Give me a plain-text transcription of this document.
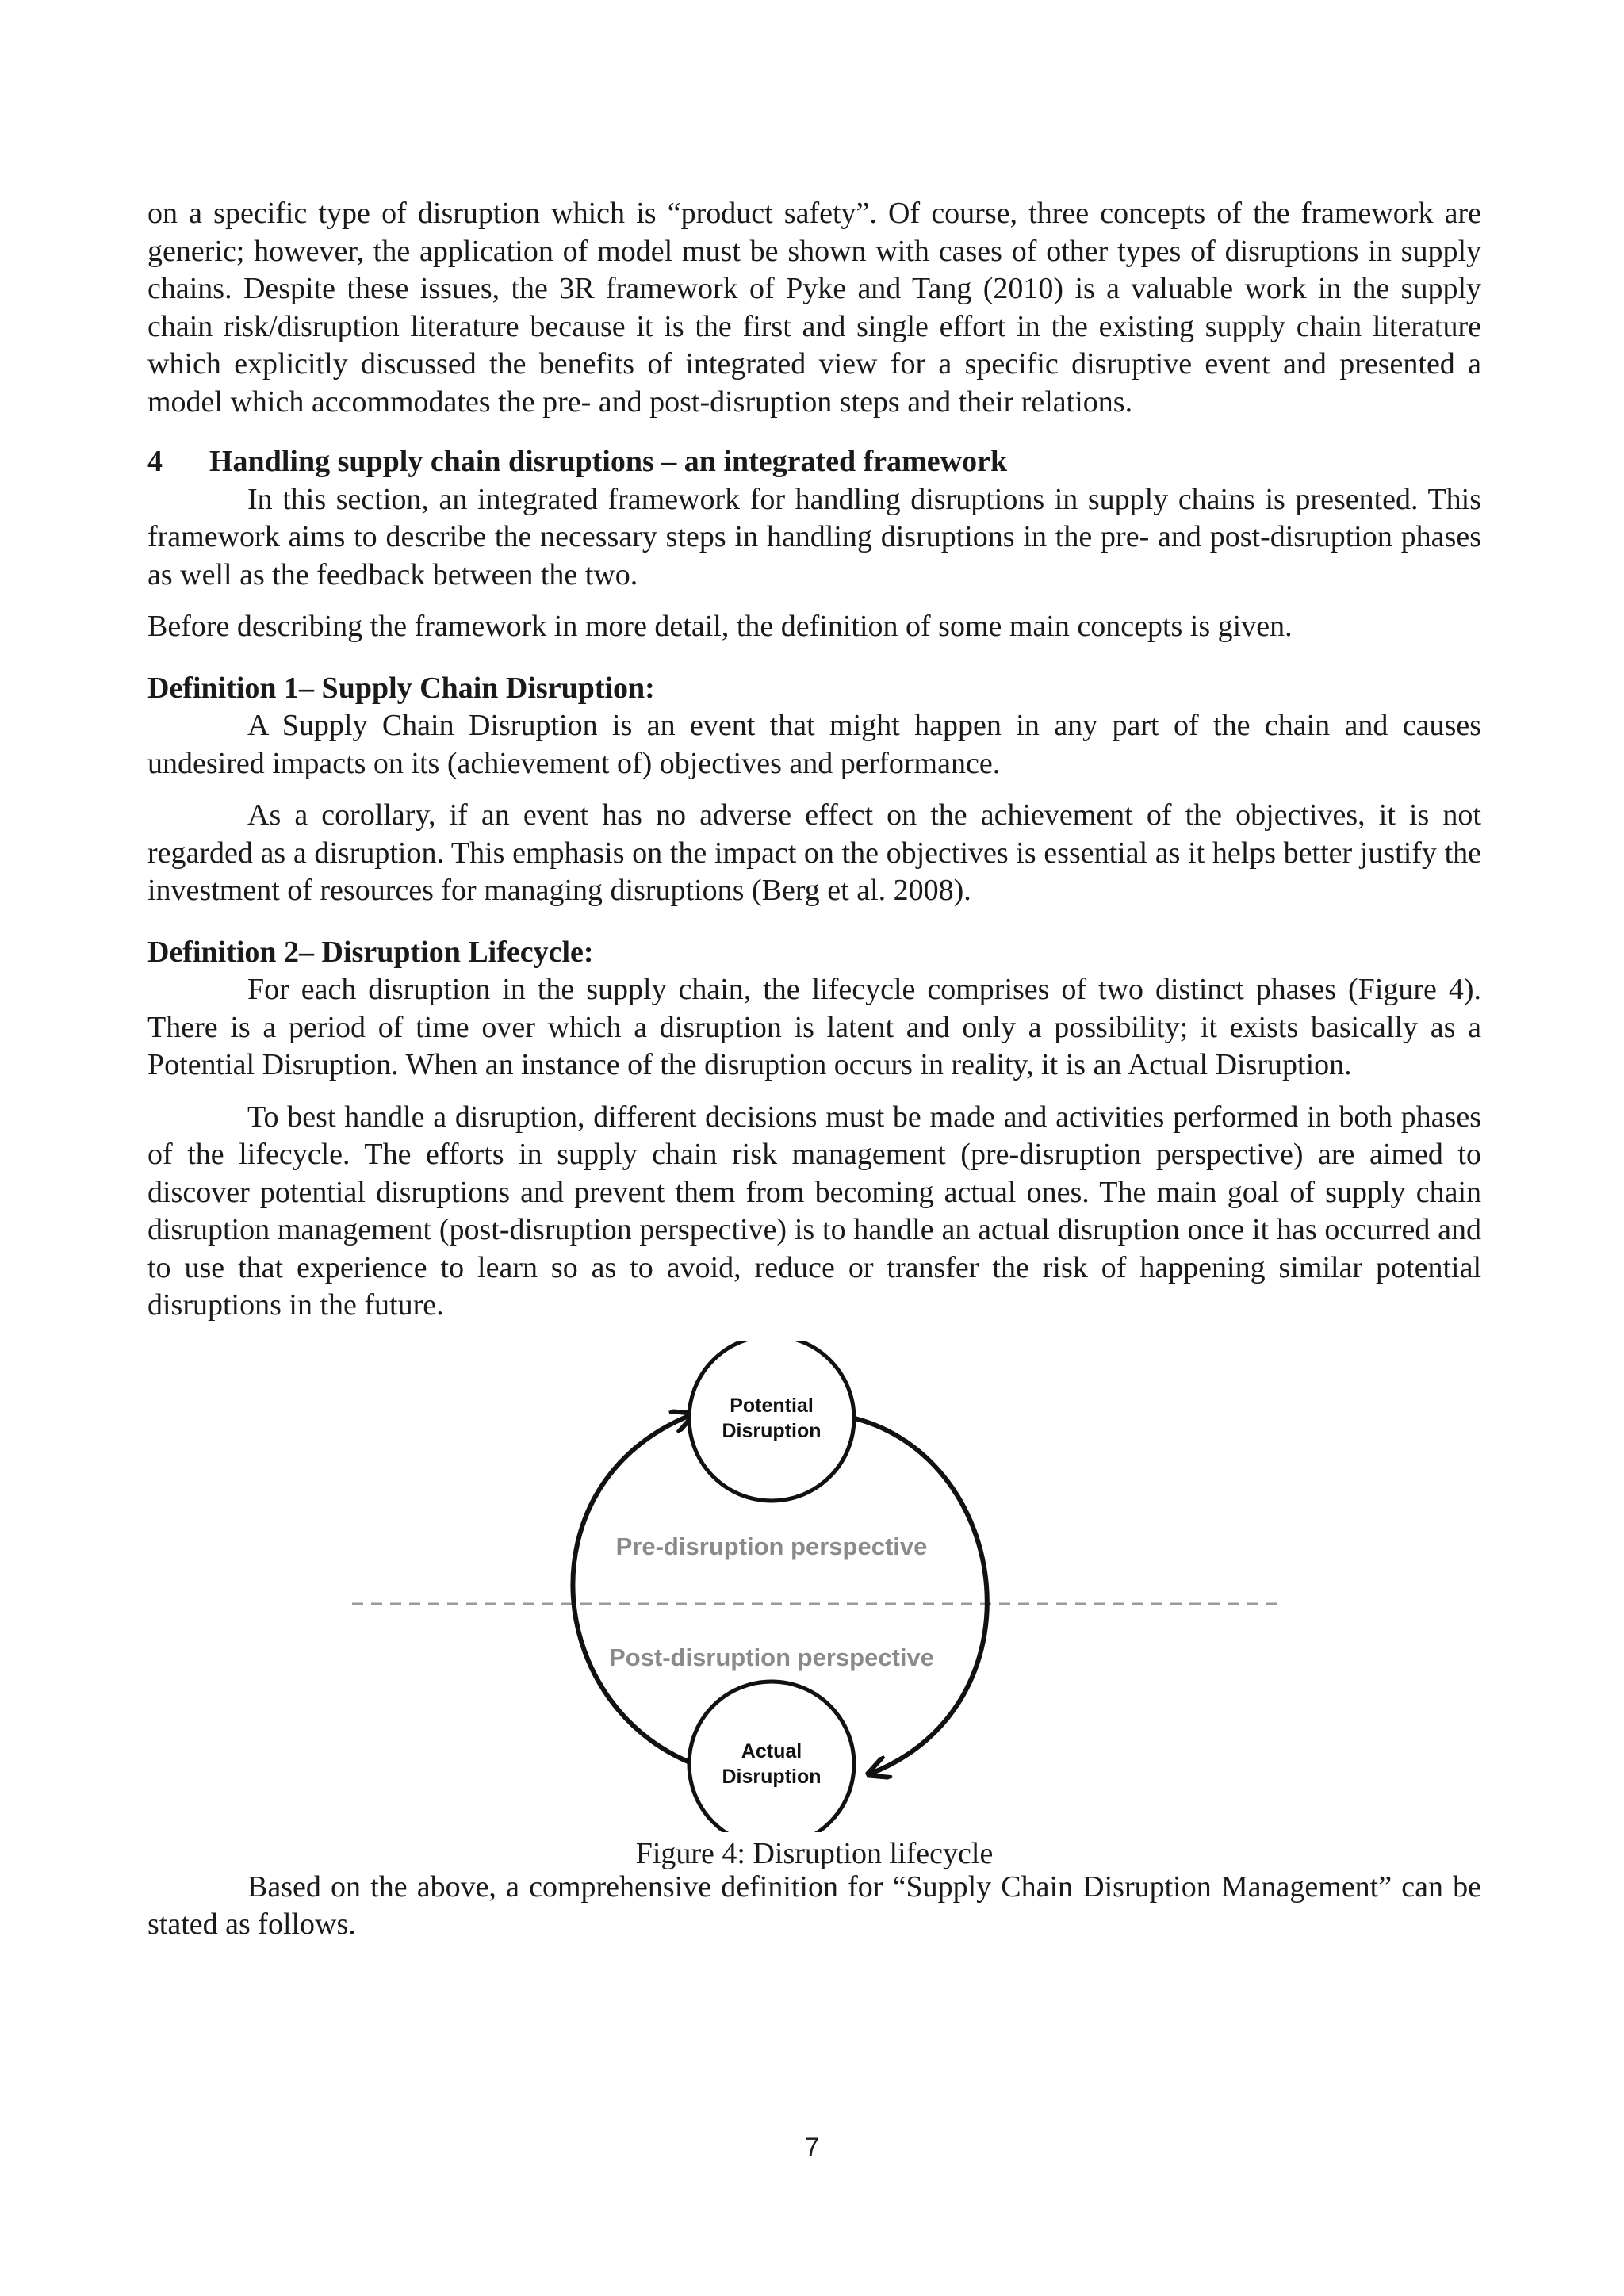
on a specific type of disruption which is “product safety”. Of course, three concepts of the framework are generic; however, the application of model must be shown with cases of other types of disruptions in supply chains. Despite these issues, the 3R framework of Pyke and Tang (2010) is a valuable work in the supply chain risk/disruption literature because it is the first and single effort in the existing supply chain literature which explicitly discussed the benefits of integrated view for a specific disruptive event and presented a model which accommodates the pre- and post-disruption steps and their relations.

4 Handling supply chain disruptions – an integrated framework

In this section, an integrated framework for handling disruptions in supply chains is presented. This framework aims to describe the necessary steps in handling disruptions in the pre- and post-disruption phases as well as the feedback between the two.

Before describing the framework in more detail, the definition of some main concepts is given.

Definition 1– Supply Chain Disruption:

A Supply Chain Disruption is an event that might happen in any part of the chain and causes undesired impacts on its (achievement of) objectives and performance.

As a corollary, if an event has no adverse effect on the achievement of the objectives, it is not regarded as a disruption. This emphasis on the impact on the objectives is essential as it helps better justify the investment of resources for managing disruptions (Berg et al. 2008).

Definition 2– Disruption Lifecycle:

For each disruption in the supply chain, the lifecycle comprises of two distinct phases (Figure 4). There is a period of time over which a disruption is latent and only a possibility; it exists basically as a Potential Disruption. When an instance of the disruption occurs in reality, it is an Actual Disruption.

To best handle a disruption, different decisions must be made and activities performed in both phases of the lifecycle. The efforts in supply chain risk management (pre-disruption perspective) are aimed to discover potential disruptions and prevent them from becoming actual ones. The main goal of supply chain disruption management (post-disruption perspective) is to handle an actual disruption once it has occurred and to use that experience to learn so as to avoid, reduce or transfer the risk of happening similar potential disruptions in the future.

Potential
Disruption
Actual
Disruption
Pre-disruption perspective
Post-disruption perspective
Figure 4: Disruption lifecycle

Based on the above, a comprehensive definition for “Supply Chain Disruption Management” can be stated as follows.

7
